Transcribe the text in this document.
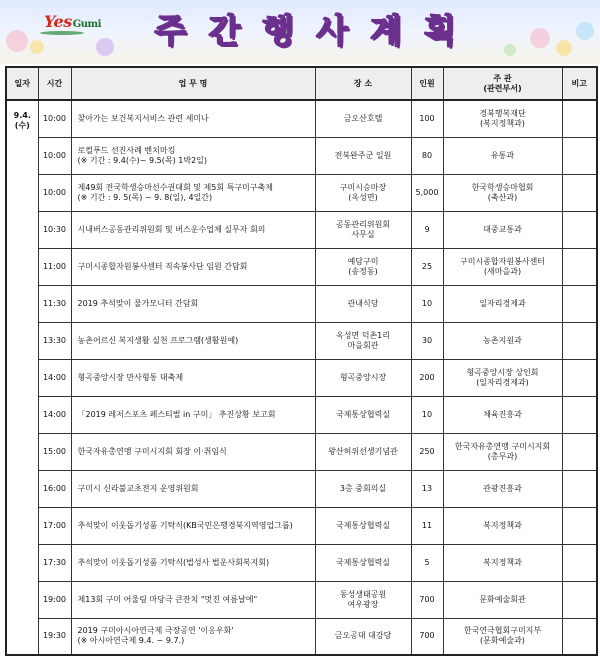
YesGumi	주간행사계획
일자	시간	업 무 명	장 소	인원	주 관
(관련부서)	비고

9.4.
(수)	10:00	찾아가는 보건복지서비스 관련 세미나	금오산호텔	100	경북행복재단
(복지정책과)	
	10:00	로컬푸드 선진사례 벤치마킹
(※ 기간 : 9.4(수)~ 9.5(목) 1박2일)	전북완주군 일원	80	유통과	
	10:00	제49회 전국학생승마선수권대회 및 제5회 특구미구축제
(※ 기간 : 9. 5(목) ~ 9. 8(일), 4일간)	구미시승마장
(옥성면)	5,000	한국학생승마협회
(축산과)	
	10:30	시내버스공동관리위원회 및 버스운수업체 실무자 회의	공동관리위원회
사무실	9	대중교통과	
	11:00	구미시종합자원봉사센터 직속봉사단 임원 간담회	예담구미
(송정동)	25	구미시종합자원봉사센터
(새마을과)	
	11:30	2019 추석맞이 물가모니터 간담회	관내식당	10	일자리경제과	
	13:30	농촌어르신 복지생활 실천 프로그램(생활원예)	옥성면 덕촌1리
마을회관	30	농촌지원과	
	14:00	형곡중앙시장 만사형통 대축제	형곡중앙시장	200	형곡중앙시장 상인회
(일자리경제과)	
	14:00	「2019 레저스포츠 페스티벌 in 구미」 추진상황 보고회	국제통상협력실	10	체육진흥과	
	15:00	한국자유총연맹 구미시지회 회장 이·취임식	왕산허위선생기념관	250	한국자유총연맹 구미시지회
(총무과)	
	16:00	구미시 신라불교초전지 운영위원회	3층 중회의실	13	관광진흥과	
	17:00	추석맞이 이웃돕기성품 기탁식(KB국민은행경북지역영업그룹)	국제통상협력실	11	복지정책과	
	17:30	추석맞이 이웃돕기성품 기탁식(법성사 법운사회복지회)	국제통상협력실	5	복지정책과	
	19:00	제13회 구미 어울림 마당극 큰잔치 "멋진 여름날에"	동성생태공원
여우광장	700	문화예술회관	
	19:30	2019 구미아시아연극제 극장공연 '이응우화'
(※ 아시아연극제 9.4. ~ 9.7.)	금오공대 대강당	700	한국연극협회구미지부
(문화예술과)	
